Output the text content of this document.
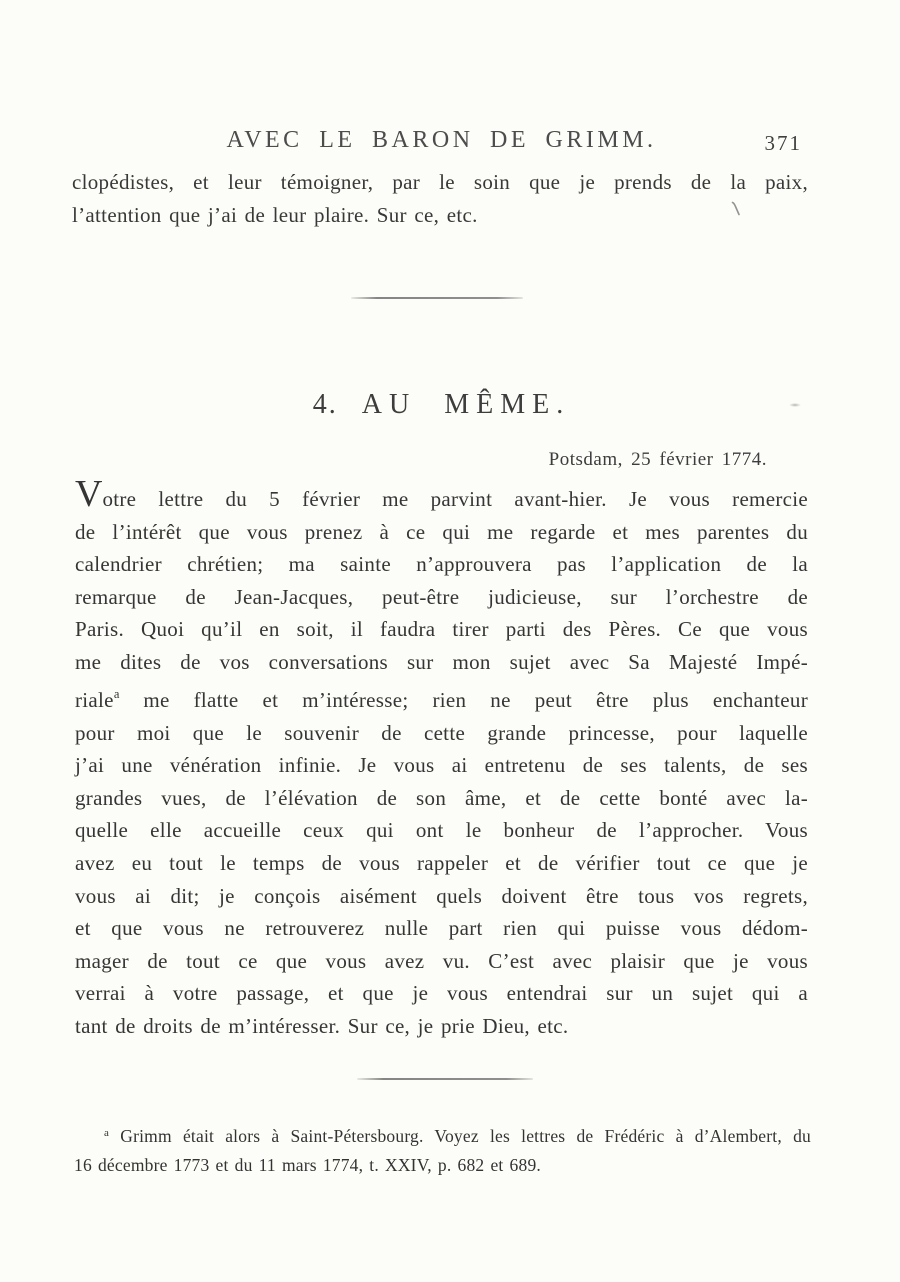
AVEC LE BARON DE GRIMM.	371
clopédistes, et leur témoigner, par le soin que je prends de la paix,
l’attention que j’ai de leur plaire. Sur ce, etc.
4. AU MÊME.
Potsdam, 25 février 1774.
Votre lettre du 5 février me parvint avant-hier. Je vous remercie
de l’intérêt que vous prenez à ce qui me regarde et mes parentes du
calendrier chrétien; ma sainte n’approuvera pas l’application de la
remarque de Jean-Jacques, peut-être judicieuse, sur l’orchestre de
Paris. Quoi qu’il en soit, il faudra tirer parti des Pères. Ce que vous
me dites de vos conversations sur mon sujet avec Sa Majesté Impé-
riale$^a$ me flatte et m’intéresse; rien ne peut être plus enchanteur
pour moi que le souvenir de cette grande princesse, pour laquelle
j’ai une vénération infinie. Je vous ai entretenu de ses talents, de ses
grandes vues, de l’élévation de son âme, et de cette bonté avec la-
quelle elle accueille ceux qui ont le bonheur de l’approcher. Vous
avez eu tout le temps de vous rappeler et de vérifier tout ce que je
vous ai dit; je conçois aisément quels doivent être tous vos regrets,
et que vous ne retrouverez nulle part rien qui puisse vous dédom-
mager de tout ce que vous avez vu. C’est avec plaisir que je vous
verrai à votre passage, et que je vous entendrai sur un sujet qui a
tant de droits de m’intéresser. Sur ce, je prie Dieu, etc.
$^a$ Grimm était alors à Saint-Pétersbourg. Voyez les lettres de Frédéric à d’Alembert, du
16 décembre 1773 et du 11 mars 1774, t. XXIV, p. 682 et 689.
